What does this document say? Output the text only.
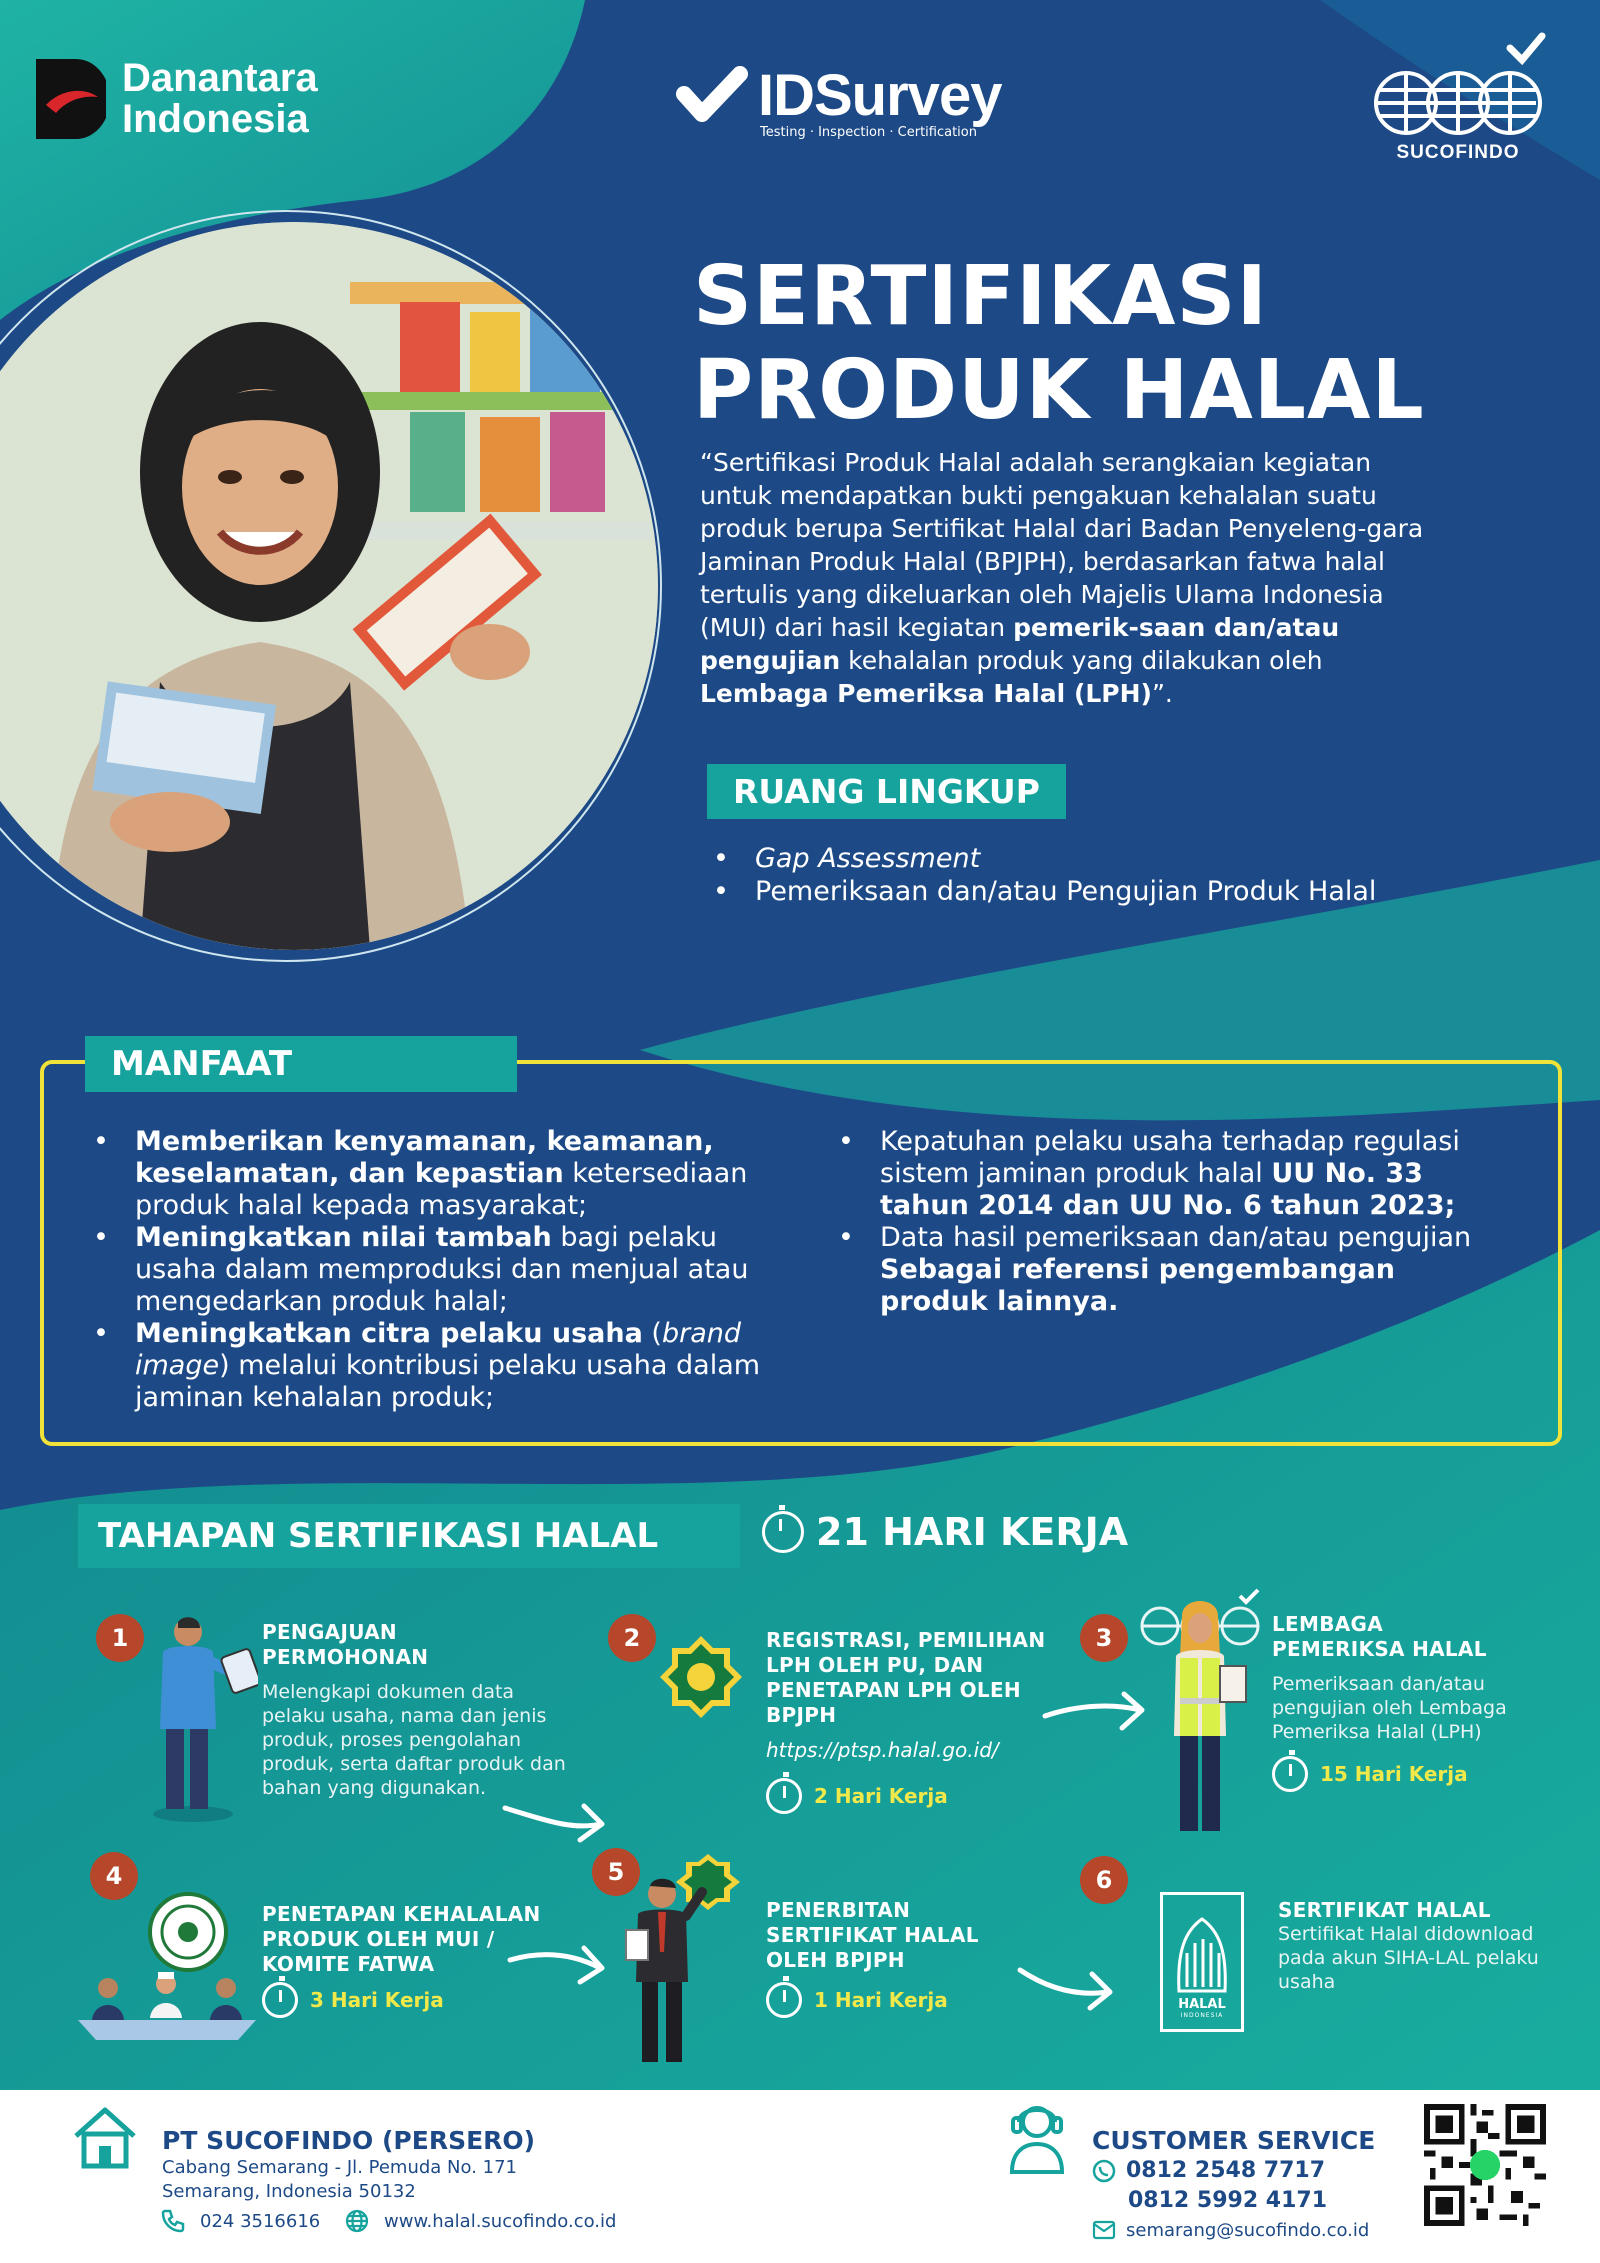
Danantara
Indonesia	IDSurvey
Testing · Inspection · Certification
SUCOFINDO
SERTIFIKASI
PRODUK HALAL
“Sertifikasi Produk Halal adalah serangkaian kegiatan untuk mendapatkan bukti pengakuan kehalalan suatu produk berupa Sertifikat Halal dari Badan Penyeleng-gara Jaminan Produk Halal (BPJPH), berdasarkan fatwa halal tertulis yang dikeluarkan oleh Majelis Ulama Indonesia (MUI) dari hasil kegiatan pemerik-saan dan/atau pengujian kehalalan produk yang dilakukan oleh Lembaga Pemeriksa Halal (LPH)”.
RUANG LINGKUP
• Gap Assessment
• Pemeriksaan dan/atau Pengujian Produk Halal
MANFAAT
• Memberikan kenyamanan, keamanan, keselamatan, dan kepastian ketersediaan produk halal kepada masyarakat;
• Meningkatkan nilai tambah bagi pelaku usaha dalam memproduksi dan menjual atau mengedarkan produk halal;
• Meningkatkan citra pelaku usaha (brand image) melalui kontribusi pelaku usaha dalam jaminan kehalalan produk;
• Kepatuhan pelaku usaha terhadap regulasi sistem jaminan produk halal UU No. 33 tahun 2014 dan UU No. 6 tahun 2023;
• Data hasil pemeriksaan dan/atau pengujian Sebagai referensi pengembangan produk lainnya.
TAHAPAN SERTIFIKASI HALAL	21 HARI KERJA
1	PENGAJUAN PERMOHONAN
Melengkapi dokumen data pelaku usaha, nama dan jenis produk, proses pengolahan produk, serta daftar produk dan bahan yang digunakan.
2	REGISTRASI, PEMILIHAN LPH OLEH PU, DAN PENETAPAN LPH OLEH BPJPH
https://ptsp.halal.go.id/
2 Hari Kerja
3	LEMBAGA PEMERIKSA HALAL
Pemeriksaan dan/atau pengujian oleh Lembaga Pemeriksa Halal (LPH)
15 Hari Kerja
4
PENETAPAN KEHALALAN PRODUK OLEH MUI / KOMITE FATWA
3 Hari Kerja
5
PENERBITAN SERTIFIKAT HALAL OLEH BPJPH
1 Hari Kerja
6
HALAL
INDONESIA
SERTIFIKAT HALAL
Sertifikat Halal didownload pada akun SIHA-LAL pelaku usaha
PT SUCOFINDO (PERSERO)
Cabang Semarang - Jl. Pemuda No. 171
Semarang, Indonesia 50132
024 3516616	www.halal.sucofindo.co.id
CUSTOMER SERVICE
0812 2548 7717
0812 5992 4171
semarang@sucofindo.co.id
